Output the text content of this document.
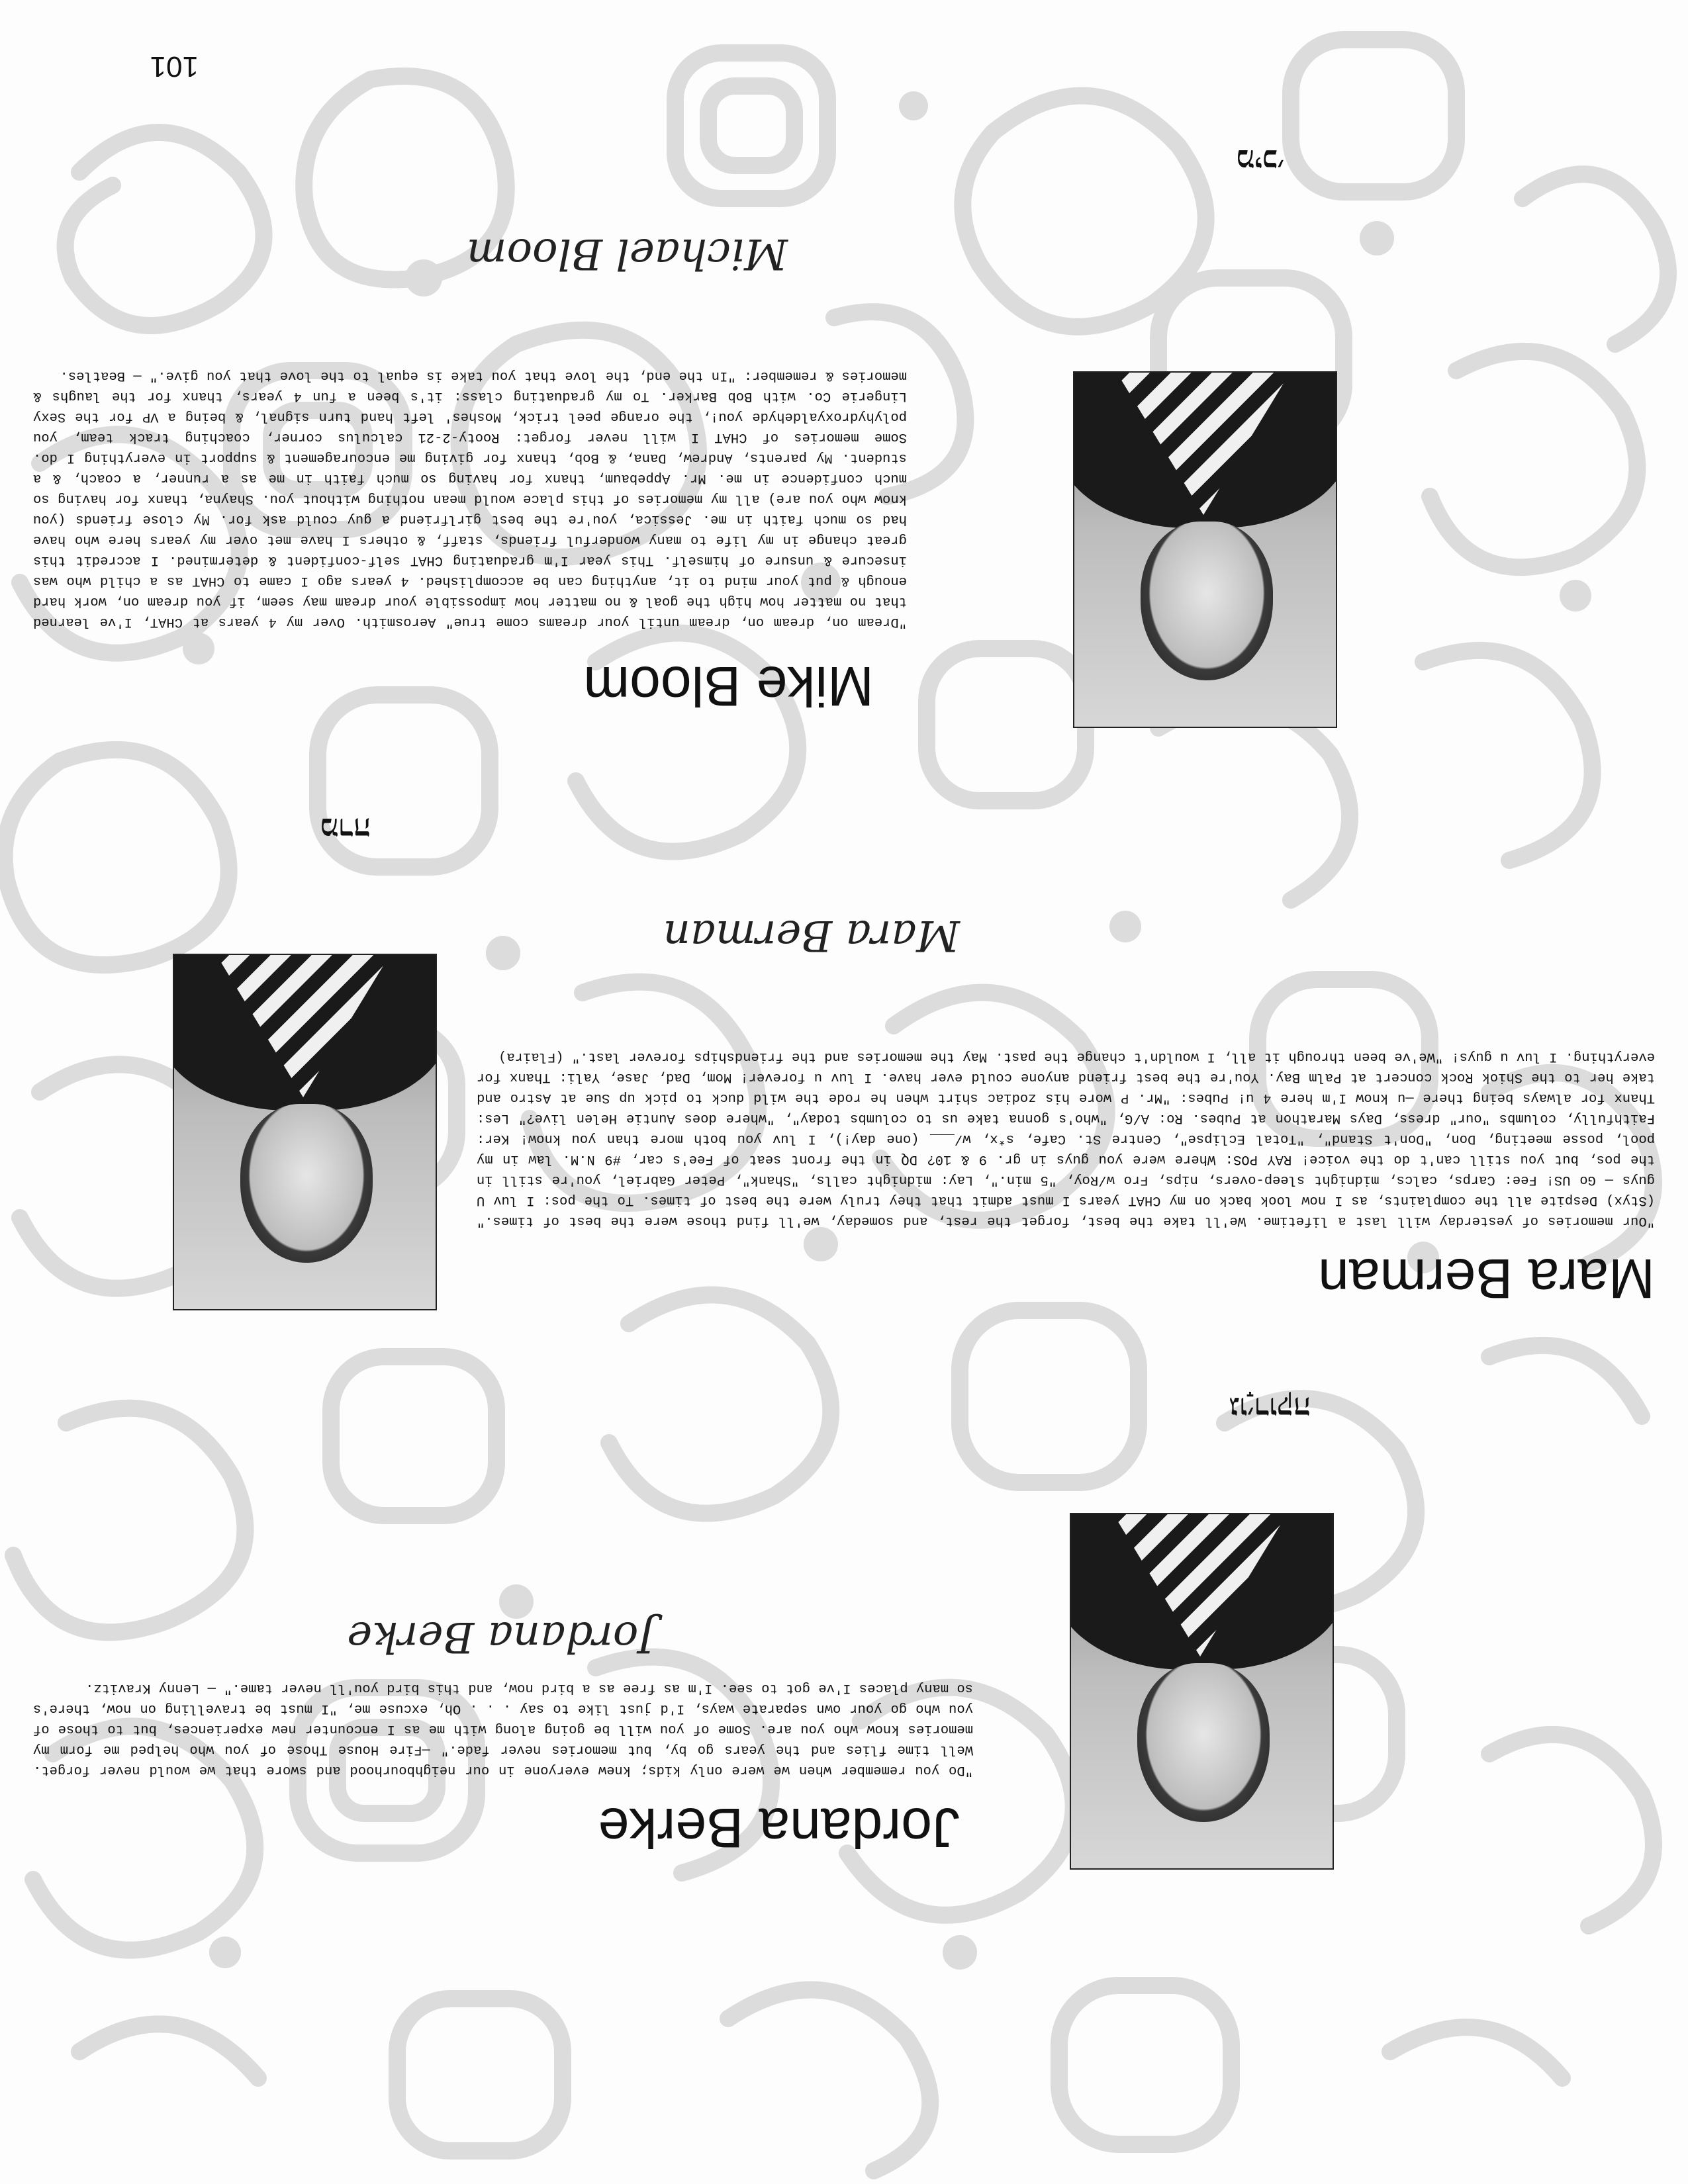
מיכ׳
Mike Bloom
"Dream on, dream on, dream until your dreams come true" Aerosmith. Over my 4 years at CHAT, I've learned that no matter how high the goal & no matter how impossible your dream may seem, if you dream on, work hard enough & put your mind to it, anything can be accomplished. 4 years ago I came to CHAT as a child who was insecure & unsure of himself. This year I'm graduating CHAT self-confident & determined. I accredit this great change in my life to many wonderful friends, staff, & others I have met over my years here who have had so much faith in me. Jessica, you're the best girlfriend a guy could ask for. My close friends (you know who you are) all my memories of this place would mean nothing without you. Shayna, thanx for having so much confidence in me. Mr. Appebaum, thanx for having so much faith in me as a runner, a coach, & a student. My parents, Andrew, Dana, & Bob, thanx for giving me encouragement & support in everything I do. Some memories of CHAT I will never forget: Rooty-2-21 calculus corner, coaching track team, you polyhydroxyaldehyde you!, the orange peel trick, Moshes' left hand turn signal, & being a VP for the Sexy Lingerie Co. with Bob Barker. To my graduating class: it's been a fun 4 years, thanx for the laughs & memories & remember: "In the end, the love that you take is equal to the love that you give." — Beatles.
Michael Bloom
מרה
Mara Berman
"Our memories of yesterday will last a lifetime. We'll take the best, forget the rest, and someday, we'll find those were the best of times." (Styx) Despite all the complaints, as I now look back on my CHAT years I must admit that they truly were the best of times. To the pos: I luv U guys — Go US! Fee: Carps, calcs, midnight sleep-overs, nips, Fro w/Roy, "5 min.", Lay: midnight calls, "Shank", Peter Gabriel, you're still in the pos, but you still can't do the voice! RAY POS: Where were you guys in gr. 9 & 10? DQ in the front seat of Fee's car, #9 N.M. law in my pool, posse meeting, Don, "Don't Stand", "Total Eclipse", Centre St. Cafe, s*x, w/___ (one day!), I luv you both more than you know! Ker: Faithfully, columbs "our" dress, Days Marathon at Pubes. Ro: A/G, "who's gonna take us to columbs today", "where does Auntie Helen live?" Les: Thanx for always being there —u know I'm here 4 u! Pubes: "Mr. P wore his zodiac shirt when he rode the wild duck to pick up Sue at Astro and take her to the Shiok Rock concert at Palm Bay. You're the best friend anyone could ever have. I luv u forever! Mom, Dad, Jase, Yali: Thanx for everything. I luv u guys! "We've been through it all, I wouldn't change the past. May the memories and the friendships forever last." (Flaira)
Mara Berman
גו׳ׇרוקה
Jordana Berke
"Do you remember when we were only kids; knew everyone in our neighbourhood and swore that we would never forget. Well time flies and the years go by, but memories never fade." —Fire House Those of you who helped me form my memories know who you are. Some of you will be going along with me as I encounter new experiences, but to those of you who go your own separate ways, I'd just like to say . . . Oh, excuse me, "I must be travelling on now, there's so many places I've got to see. I'm as free as a bird now, and this bird you'll never tame." — Lenny Kravitz.
Jordana Berke
101
